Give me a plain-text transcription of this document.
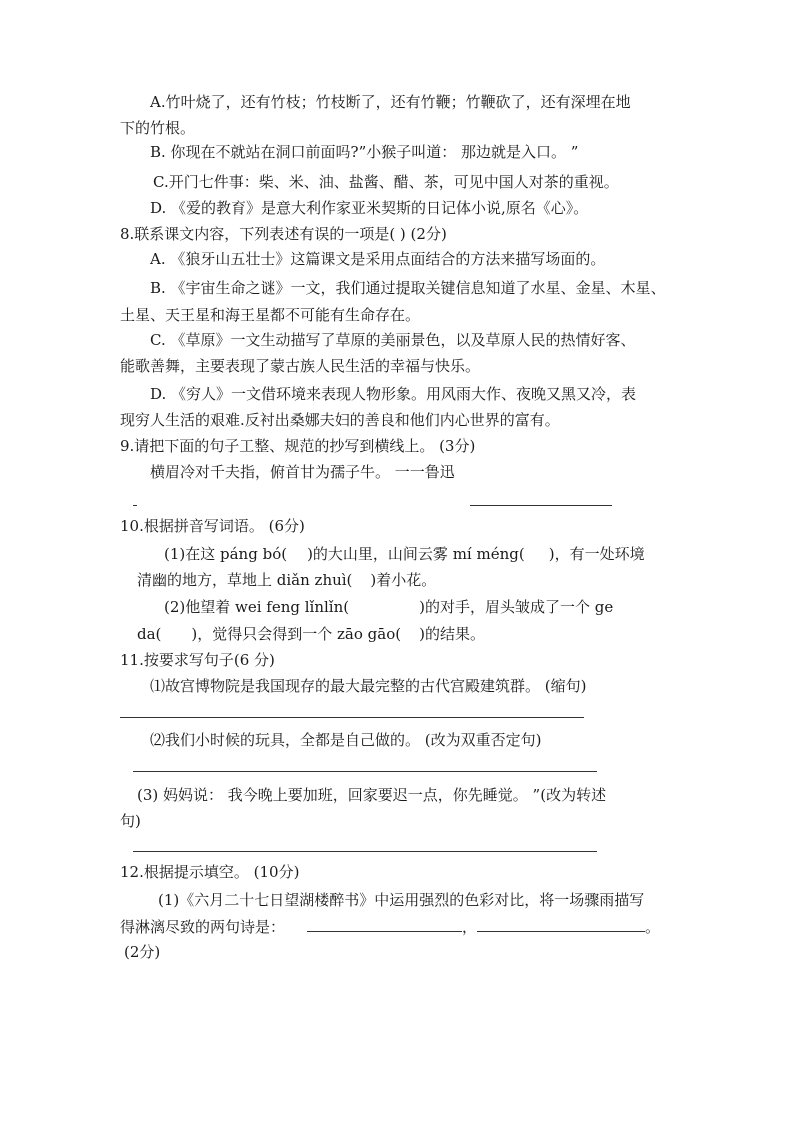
A.竹叶烧了，还有竹枝；竹枝断了，还有竹鞭；竹鞭砍了，还有深埋在地
下的竹根。
B. 你现在不就站在洞口前面吗?”小猴子叫道： 那边就是入口。 ”
C.开门七件事：柴、米、油、盐酱、醋、茶，可见中国人对茶的重视。
D. 《爱的教育》是意大利作家亚米契斯的日记体小说,原名《心》。
8.联系课文内容，下列表述有误的一项是( ) (2分)
A. 《狼牙山五壮士》这篇课文是采用点面结合的方法来描写场面的。
B. 《宇宙生命之谜》一文，我们通过提取关键信息知道了水星、金星、木星、
土星、天王星和海王星都不可能有生命存在。
C. 《草原》一文生动描写了草原的美丽景色，以及草原人民的热情好客、
能歌善舞，主要表现了蒙古族人民生活的幸福与快乐。
D. 《穷人》一文借环境来表现人物形象。用风雨大作、夜晚又黑又冷，表
现穷人生活的艰难.反衬出桑娜夫妇的善良和他们内心世界的富有。
9.请把下面的句子工整、规范的抄写到横线上。 (3分)
横眉冷对千夫指，俯首甘为孺子牛。 一一鲁迅
10.根据拼音写词语。 (6分)
(1)在这 páng bó( )的大山里，山间云雾 mí méng( )，有一处环境
清幽的地方，草地上 diǎn zhuì( )着小花。
(2)他望着 wei feng lǐnlǐn(	)的对手，眉头皱成了一个 ge
da( )，觉得只会得到一个 zāo gāo( )的结果。
11.按要求写句子(6 分)
⑴故宫博物院是我国现存的最大最完整的古代宫殿建筑群。 (缩句)
⑵我们小时候的玩具，全都是自己做的。 (改为双重否定句)
(3) 妈妈说： 我今晚上要加班，回家要迟一点，你先睡觉。 ”(改为转述
句)
12.根据提示填空。 (10分)
(1)《六月二十七日望湖楼醉书》中运用强烈的色彩对比，将一场骤雨描写
得淋漓尽致的两句诗是：	，	。
(2分)
